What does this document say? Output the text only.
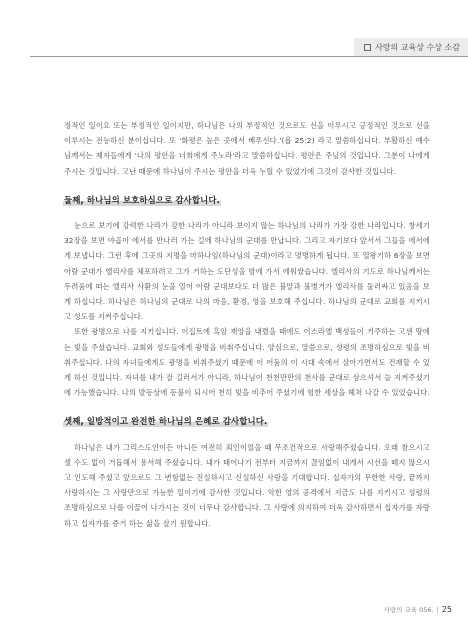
사랑의 교육상 수상 소감

정적인 일이요 또는 부정적인 일이지만, 하나님은 나의 부정적인 것으로도 선을 이루시고 긍정적인 것으로 선을 이루시는 전능하신 분이십니다. 또 '화평은 높은 곳에서 베푸신다.'(욥 25:2) 라고 말씀하십니다. 부활하신 예수님께서는 제자들에게 '나의 평안을 너희에게 주노라'라고 말씀하십니다. 평안은 주님의 것입니다. 그분이 나에게 주시는 것입니다. 고난 때문에 하나님이 주시는 평안을 더욱 누릴 수 있었기에 그것이 감사한 것입니다.

둘째, 하나님의 보호하심으로 감사합니다.

눈으로 보기에 강력한 나라가 강한 나라가 아니라 보이지 않는 하나님의 나라가 가장 강한 나라입니다. 창세기 32장을 보면 야곱이 에서를 만나러 가는 길에 하나님의 군대를 만납니다. 그리고 자기보다 앞서서 그들을 에서에게 보냅니다. 그런 후에 그곳의 지명을 마하나임(하나님의 군대)이라고 명명하게 됩니다. 또 열왕기하 6장을 보면 아람 군대가 엘리사를 체포하려고 그가 거하는 도단성을 밤에 가서 에워쌌습니다. 엘리사의 기도로 하나님께서는 두려움에 떠는 엘리사 사환의 눈을 열어 아람 군대보다도 더 많은 불말과 불병거가 엘리사를 둘러싸고 있음을 보게 하십니다. 하나님은 하나님의 군대로 나의 마음, 환경, 영을 보호해 주십니다. 하나님의 군대로 교회를 지키시고 성도를 지켜주십니다.

또한 광명으로 나를 지키십니다. 이집트에 흑암 재앙을 내렸을 때에도 이스라엘 백성들이 거주하는 고센 땅에는 빛을 주셨습니다. 교회와 성도들에게 광명을 비춰주십니다. 양심으로, 말씀으로, 성령의 조명하심으로 빛을 비춰주십니다. 나의 자녀들에게도 광명을 비춰주셨기 때문에 이 어둠의 이 시대 속에서 살아가면서도 건재할 수 있게 하신 것입니다. 자녀를 내가 잘 길러서가 아니라, 하나님이 천천만만의 천사를 군대로 삼으셔서 늘 지켜주셨기에 가능했습니다. 나의 발등상에 등불이 되시어 천히 빛을 비추어 주셨기에 험한 세상을 헤쳐 나갈 수 있었습니다.

셋째, 일방적이고 완전한 하나님의 은혜로 감사합니다.

하나님은 내가 그리스도인이든 아니든 여전히 죄인이었을 때 무조건적으로 사랑해주셨습니다. 오래 참으시고 셀 수도 없이 거듭해서 용서해 주셨습니다. 내가 태어나기 전부터 지금까지 끊임없이 내게서 시선을 떼지 않으시고 인도해 주셨고 앞으로도 그 변함없는 진실하시고 신실하신 사랑을 기대합니다. 십자가의 무한한 사랑, 끝까지 사랑하시는 그 사랑만으로 가능한 일이기에 감사한 것입니다. 악한 영의 공격에서 지금도 나를 지키시고 성령의 조명하심으로 나를 이끌어 나가시는 것이 너무나 감사합니다. 그 사랑에 의지하여 더욱 감사하면서 십자가를 자랑하고 십자가를 증거 하는 삶을 살기 원합니다.

사랑의 교육 056. | 25
